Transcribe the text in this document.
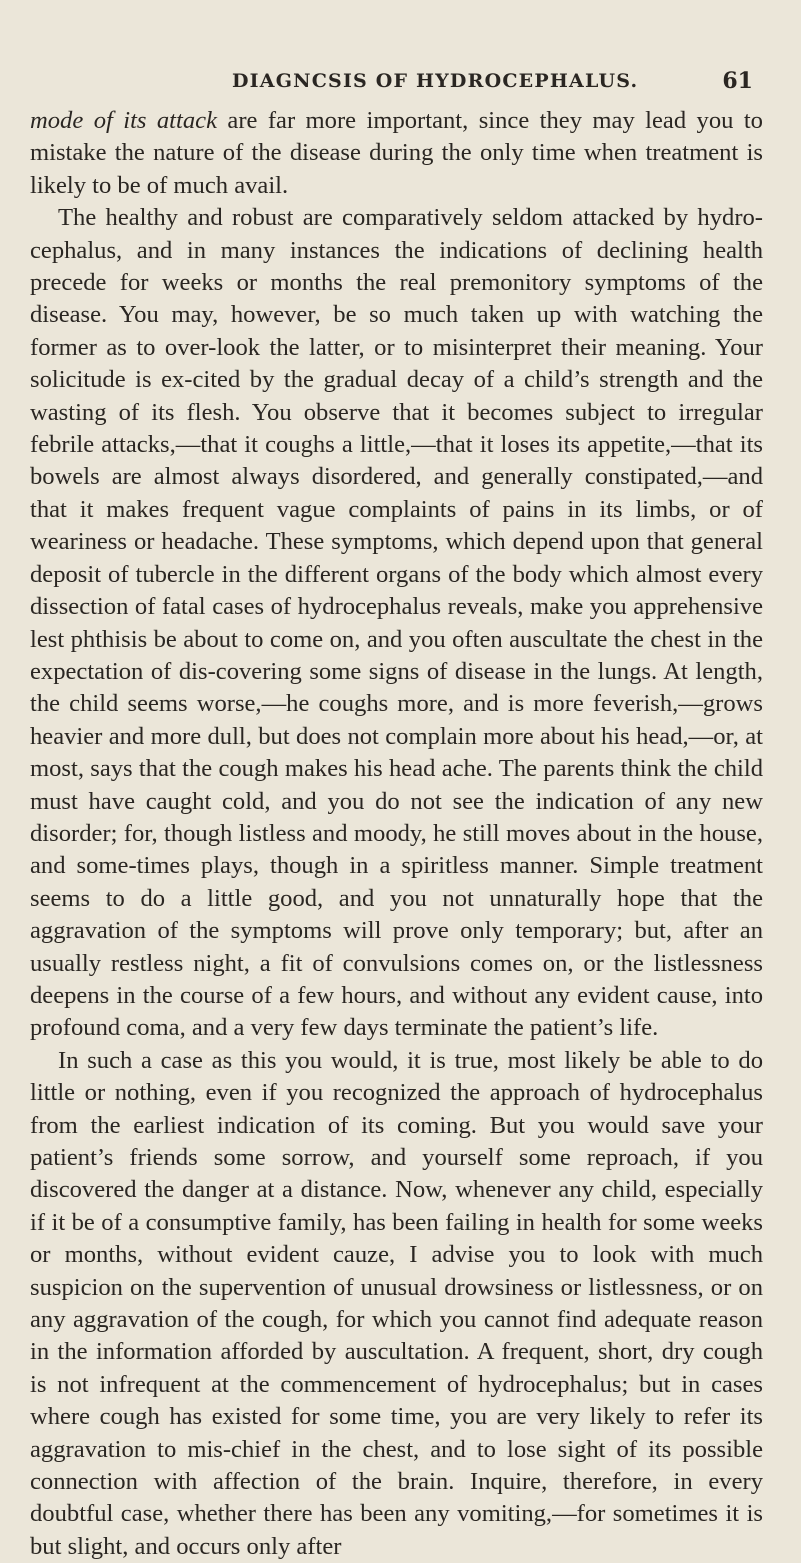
DIAGNCSIS OF HYDROCEPHALUS.	61

mode of its attack are far more important, since they may lead you to mistake the nature of the disease during the only time when treatment is likely to be of much avail.

The healthy and robust are comparatively seldom attacked by hydro-cephalus, and in many instances the indications of declining health precede for weeks or months the real premonitory symptoms of the disease. You may, however, be so much taken up with watching the former as to over-look the latter, or to misinterpret their meaning. Your solicitude is ex-cited by the gradual decay of a child’s strength and the wasting of its flesh. You observe that it becomes subject to irregular febrile attacks,—that it coughs a little,—that it loses its appetite,—that its bowels are almost always disordered, and generally constipated,—and that it makes frequent vague complaints of pains in its limbs, or of weariness or headache. These symptoms, which depend upon that general deposit of tubercle in the different organs of the body which almost every dissection of fatal cases of hydrocephalus reveals, make you apprehensive lest phthisis be about to come on, and you often auscultate the chest in the expectation of dis-covering some signs of disease in the lungs. At length, the child seems worse,—he coughs more, and is more feverish,—grows heavier and more dull, but does not complain more about his head,—or, at most, says that the cough makes his head ache. The parents think the child must have caught cold, and you do not see the indication of any new disorder; for, though listless and moody, he still moves about in the house, and some-times plays, though in a spiritless manner. Simple treatment seems to do a little good, and you not unnaturally hope that the aggravation of the symptoms will prove only temporary; but, after an usually restless night, a fit of convulsions comes on, or the listlessness deepens in the course of a few hours, and without any evident cause, into profound coma, and a very few days terminate the patient’s life.

In such a case as this you would, it is true, most likely be able to do little or nothing, even if you recognized the approach of hydrocephalus from the earliest indication of its coming. But you would save your patient’s friends some sorrow, and yourself some reproach, if you discovered the danger at a distance. Now, whenever any child, especially if it be of a consumptive family, has been failing in health for some weeks or months, without evident cauze, I advise you to look with much suspicion on the supervention of unusual drowsiness or listlessness, or on any aggravation of the cough, for which you cannot find adequate reason in the information afforded by auscultation. A frequent, short, dry cough is not infrequent at the commencement of hydrocephalus; but in cases where cough has existed for some time, you are very likely to refer its aggravation to mis-chief in the chest, and to lose sight of its possible connection with affection of the brain. Inquire, therefore, in every doubtful case, whether there has been any vomiting,—for sometimes it is but slight, and occurs only after
